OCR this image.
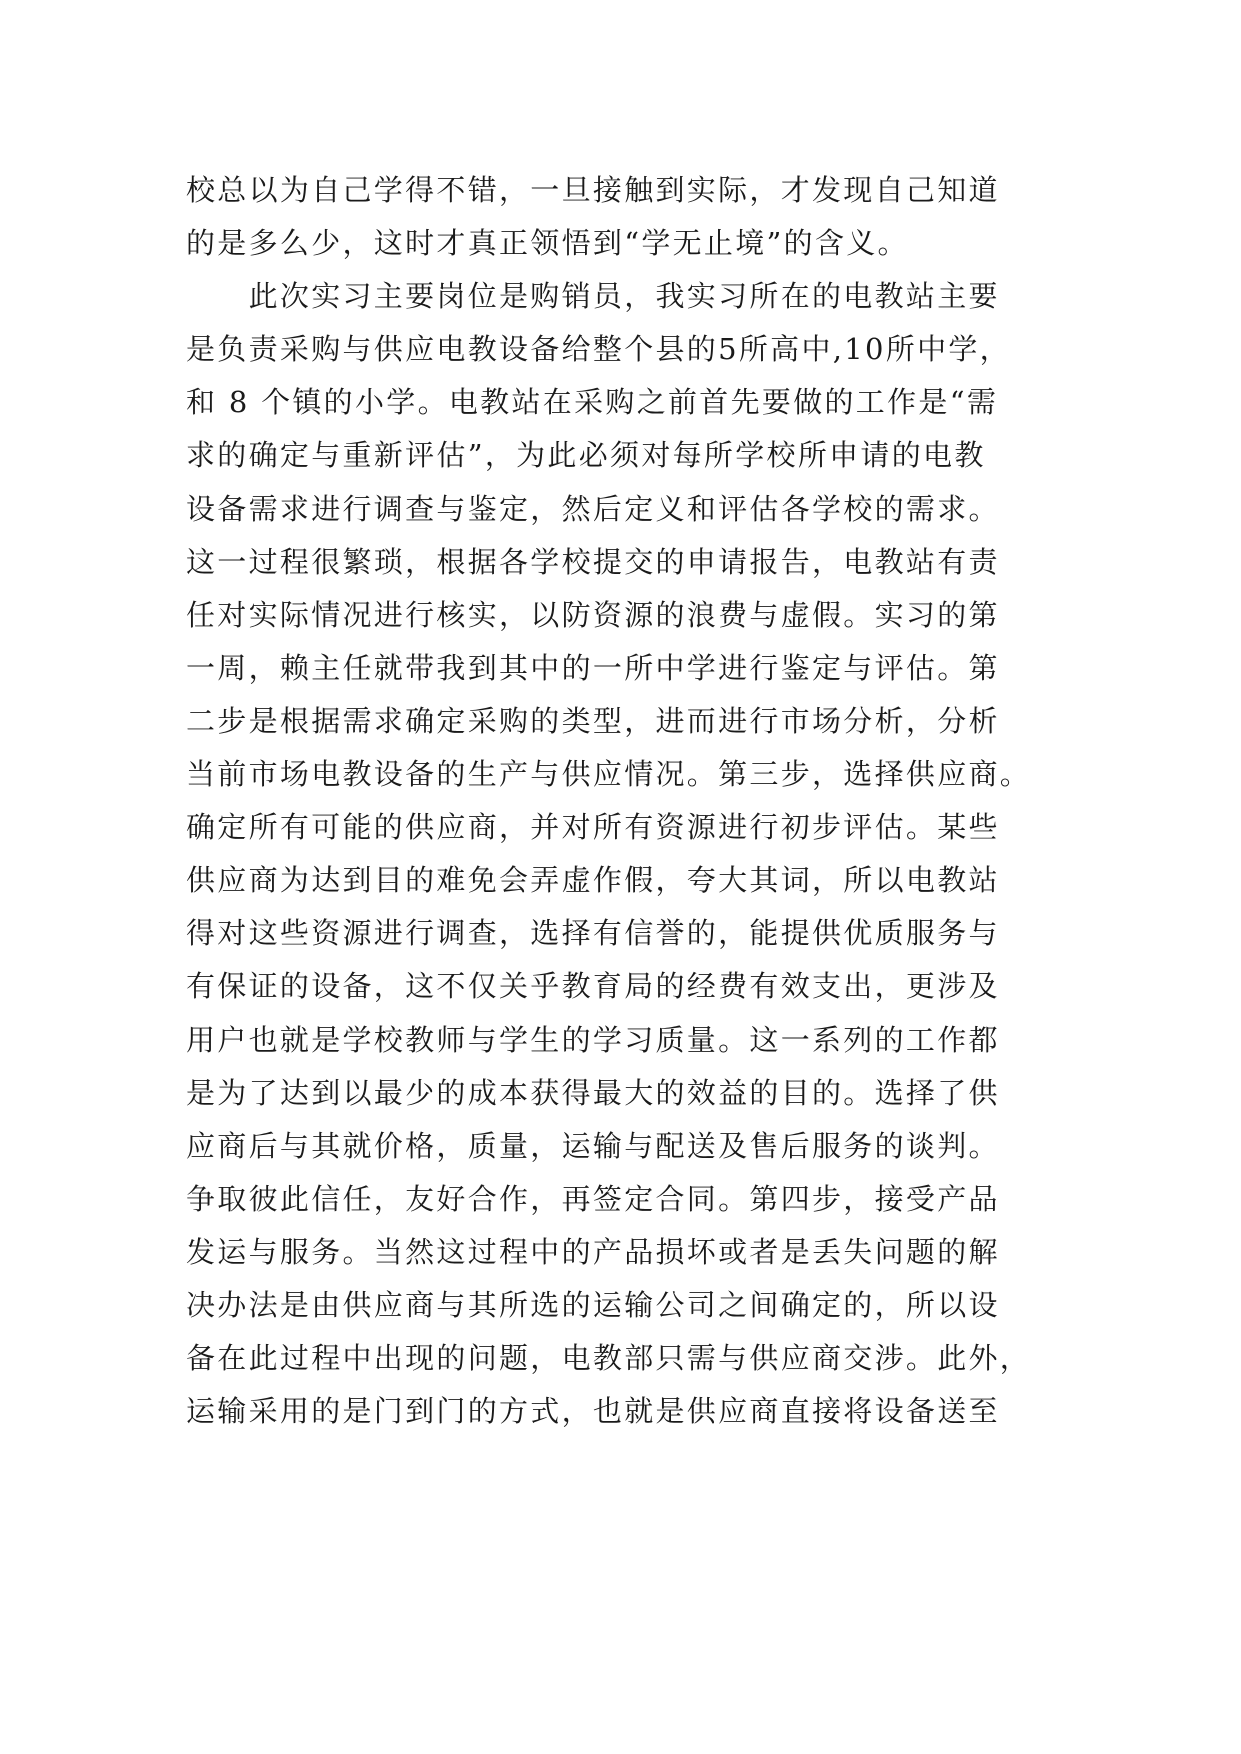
校总以为自己学得不错，一旦接触到实际，才发现自己知道
的是多么少，这时才真正领悟到“学无止境”的含义。
　　此次实习主要岗位是购销员，我实习所在的电教站主要
是负责采购与供应电教设备给整个县的5所高中,10所中学，
和 8 个镇的小学。电教站在采购之前首先要做的工作是“需
求的确定与重新评估”，为此必须对每所学校所申请的电教
设备需求进行调查与鉴定，然后定义和评估各学校的需求。
这一过程很繁琐，根据各学校提交的申请报告，电教站有责
任对实际情况进行核实，以防资源的浪费与虚假。实习的第
一周，赖主任就带我到其中的一所中学进行鉴定与评估。第
二步是根据需求确定采购的类型，进而进行市场分析，分析
当前市场电教设备的生产与供应情况。第三步，选择供应商。
确定所有可能的供应商，并对所有资源进行初步评估。某些
供应商为达到目的难免会弄虚作假，夸大其词，所以电教站
得对这些资源进行调查，选择有信誉的，能提供优质服务与
有保证的设备，这不仅关乎教育局的经费有效支出，更涉及
用户也就是学校教师与学生的学习质量。这一系列的工作都
是为了达到以最少的成本获得最大的效益的目的。选择了供
应商后与其就价格，质量，运输与配送及售后服务的谈判。
争取彼此信任，友好合作，再签定合同。第四步，接受产品
发运与服务。当然这过程中的产品损坏或者是丢失问题的解
决办法是由供应商与其所选的运输公司之间确定的，所以设
备在此过程中出现的问题，电教部只需与供应商交涉。此外，
运输采用的是门到门的方式，也就是供应商直接将设备送至
